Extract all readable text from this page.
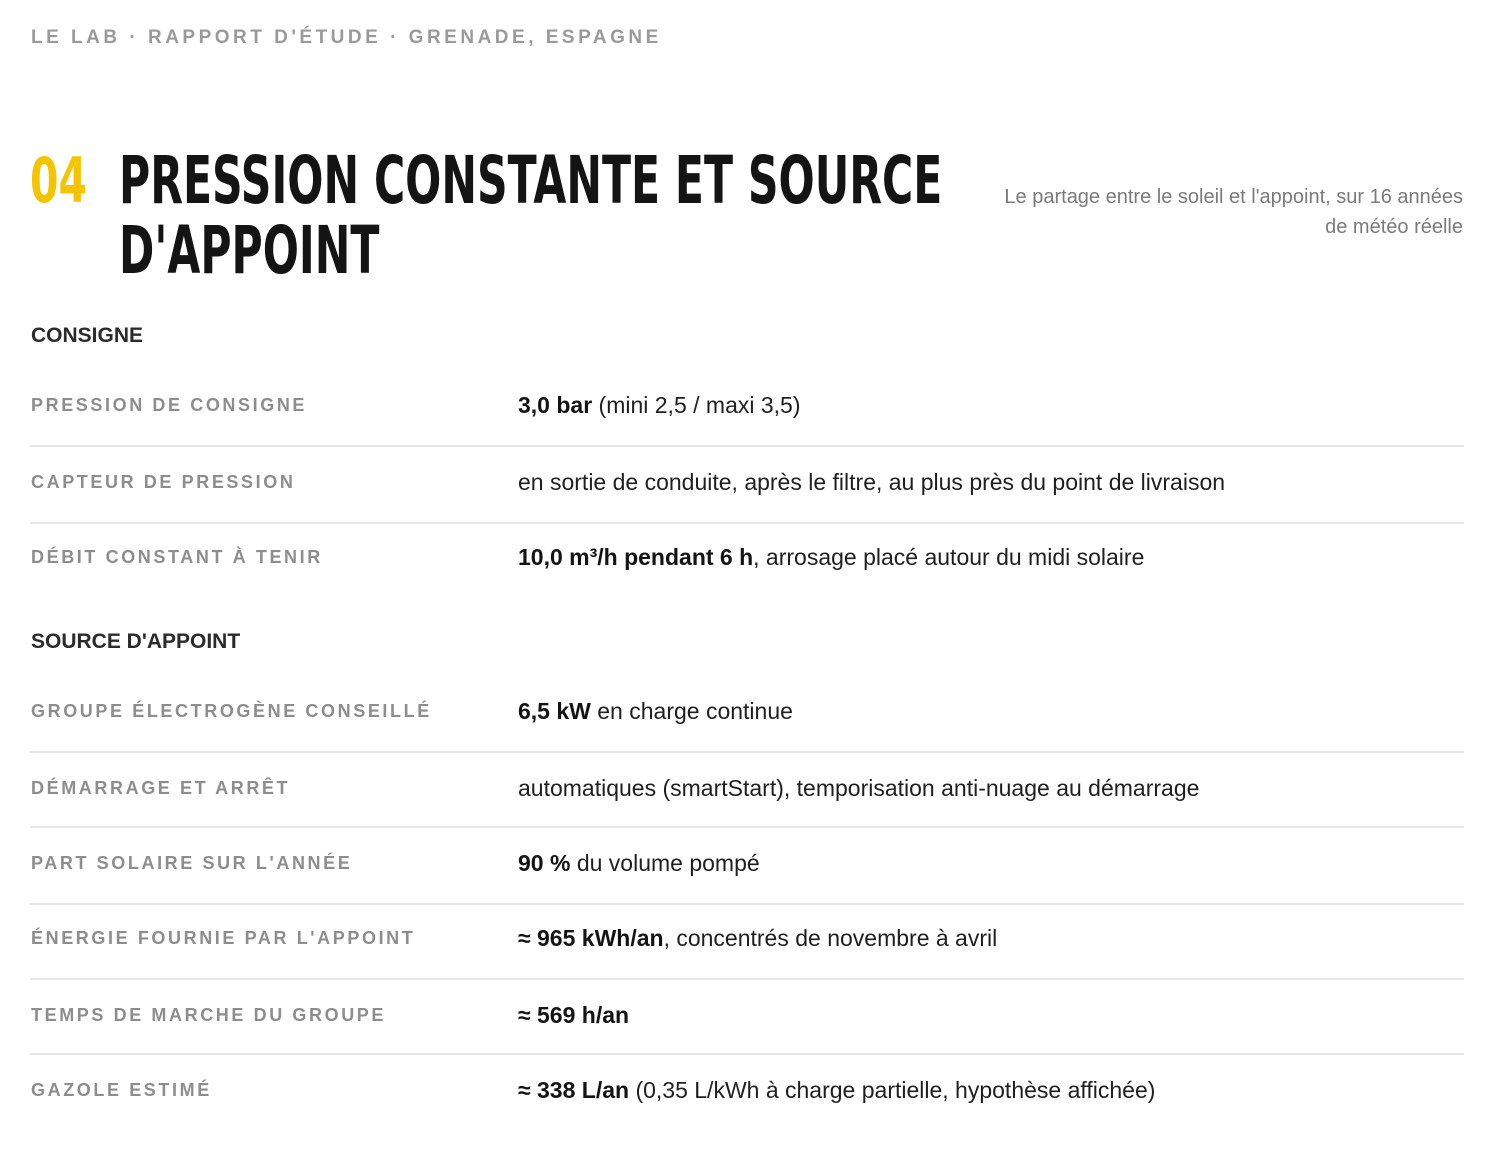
LE LAB · RAPPORT D'ÉTUDE · GRENADE, ESPAGNE
04 PRESSION CONSTANTE ET SOURCE
D'APPOINT
Le partage entre le soleil et l'appoint, sur 16 années de météo réelle
CONSIGNE
PRESSION DE CONSIGNE	3,0 bar (mini 2,5 / maxi 3,5)
CAPTEUR DE PRESSION	en sortie de conduite, après le filtre, au plus près du point de livraison
DÉBIT CONSTANT À TENIR	10,0 m³/h pendant 6 h, arrosage placé autour du midi solaire
SOURCE D'APPOINT
GROUPE ÉLECTROGÈNE CONSEILLÉ	6,5 kW en charge continue
DÉMARRAGE ET ARRÊT	automatiques (smartStart), temporisation anti-nuage au démarrage
PART SOLAIRE SUR L'ANNÉE	90 % du volume pompé
ÉNERGIE FOURNIE PAR L'APPOINT	≈ 965 kWh/an, concentrés de novembre à avril
TEMPS DE MARCHE DU GROUPE	≈ 569 h/an
GAZOLE ESTIMÉ	≈ 338 L/an (0,35 L/kWh à charge partielle, hypothèse affichée)
